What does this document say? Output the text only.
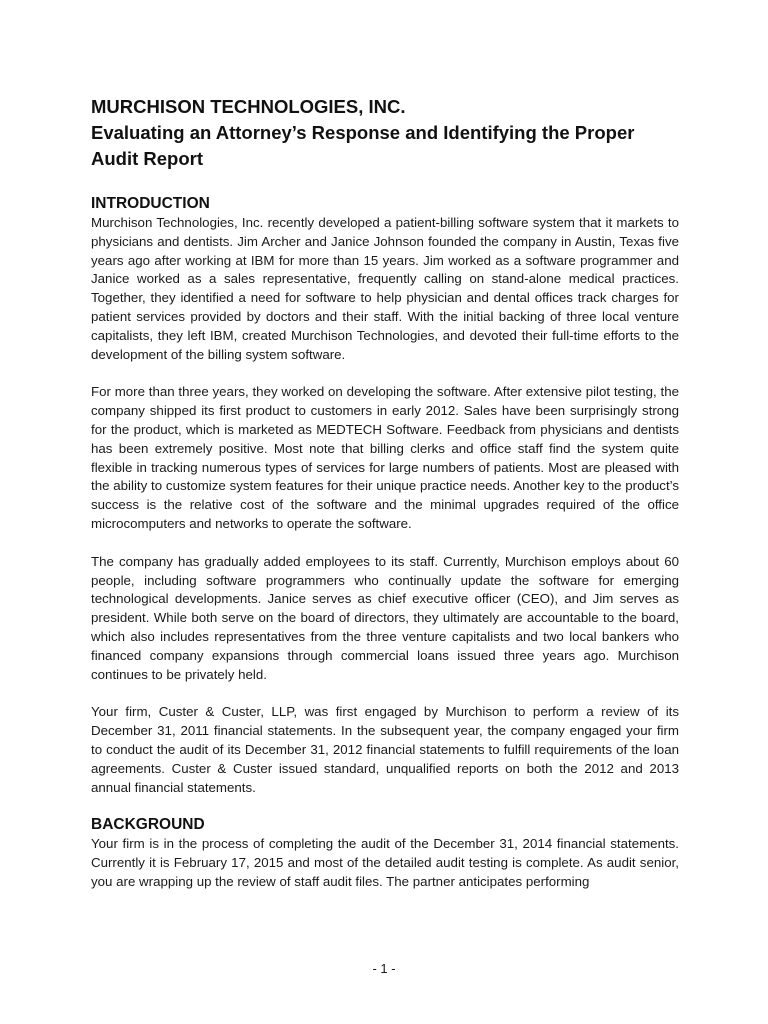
MURCHISON TECHNOLOGIES, INC.
Evaluating an Attorney’s Response and Identifying the Proper Audit Report
INTRODUCTION

Murchison Technologies, Inc. recently developed a patient-billing software system that it markets to physicians and dentists. Jim Archer and Janice Johnson founded the company in Austin, Texas five years ago after working at IBM for more than 15 years. Jim worked as a software programmer and Janice worked as a sales representative, frequently calling on stand-alone medical practices. Together, they identified a need for software to help physician and dental offices track charges for patient services provided by doctors and their staff. With the initial backing of three local venture capitalists, they left IBM, created Murchison Technologies, and devoted their full-time efforts to the development of the billing system software.

For more than three years, they worked on developing the software. After extensive pilot testing, the company shipped its first product to customers in early 2012. Sales have been surprisingly strong for the product, which is marketed as MEDTECH Software. Feedback from physicians and dentists has been extremely positive. Most note that billing clerks and office staff find the system quite flexible in tracking numerous types of services for large numbers of patients. Most are pleased with the ability to customize system features for their unique practice needs. Another key to the product’s success is the relative cost of the software and the minimal upgrades required of the office microcomputers and networks to operate the software.

The company has gradually added employees to its staff. Currently, Murchison employs about 60 people, including software programmers who continually update the software for emerging technological developments. Janice serves as chief executive officer (CEO), and Jim serves as president. While both serve on the board of directors, they ultimately are accountable to the board, which also includes representatives from the three venture capitalists and two local bankers who financed company expansions through commercial loans issued three years ago. Murchison continues to be privately held.

Your firm, Custer & Custer, LLP, was first engaged by Murchison to perform a review of its December 31, 2011 financial statements. In the subsequent year, the company engaged your firm to conduct the audit of its December 31, 2012 financial statements to fulfill requirements of the loan agreements. Custer & Custer issued standard, unqualified reports on both the 2012 and 2013 annual financial statements.

BACKGROUND

Your firm is in the process of completing the audit of the December 31, 2014 financial statements. Currently it is February 17, 2015 and most of the detailed audit testing is complete. As audit senior, you are wrapping up the review of staff audit files. The partner anticipates performing

- 1 -
